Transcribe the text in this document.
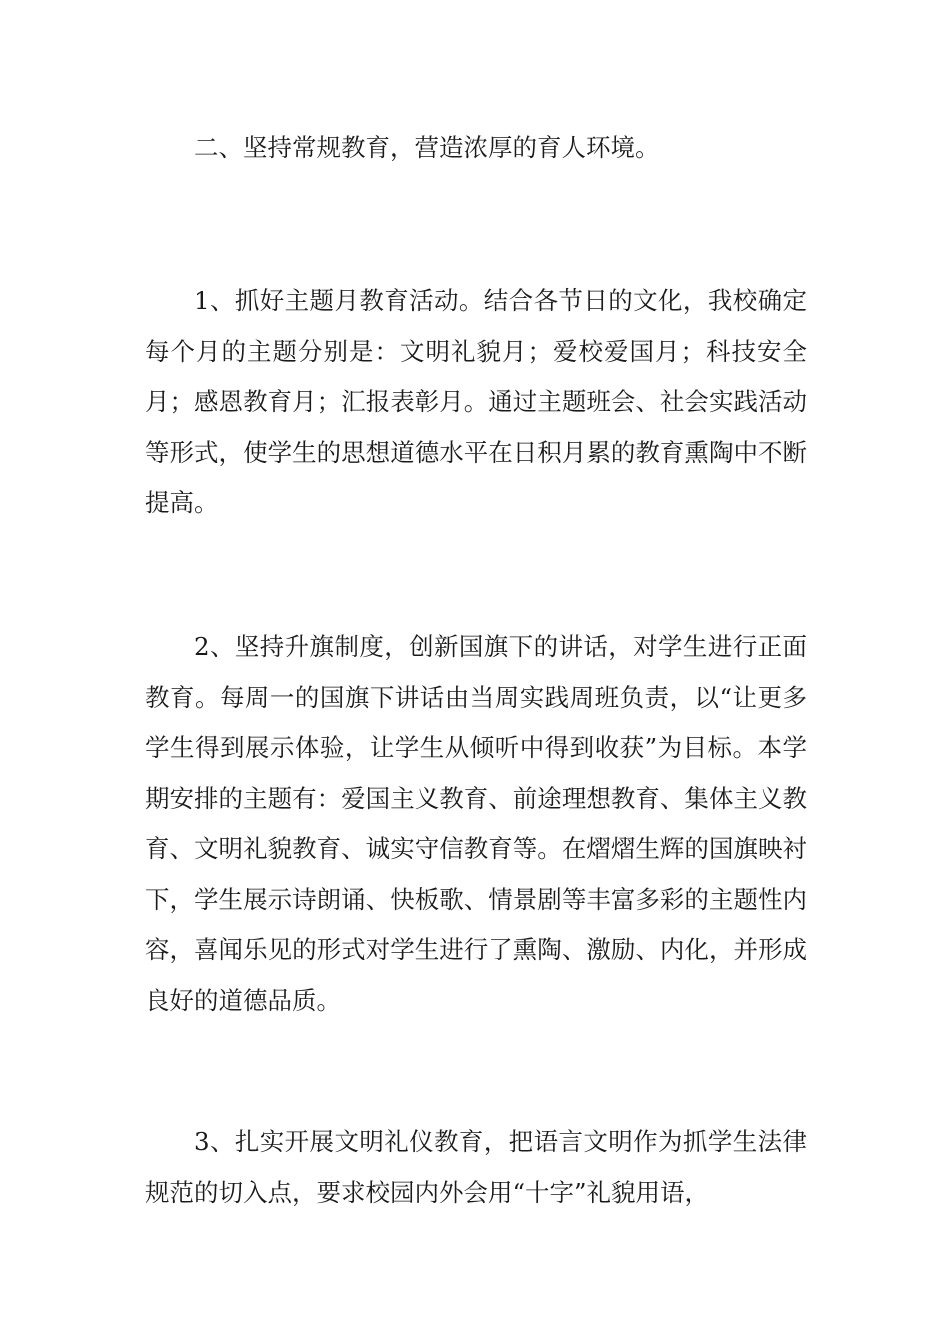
二、坚持常规教育，营造浓厚的育人环境。

1、抓好主题月教育活动。结合各节日的文化，我校确定每个月的主题分别是：文明礼貌月；爱校爱国月；科技安全月；感恩教育月；汇报表彰月。通过主题班会、社会实践活动等形式，使学生的思想道德水平在日积月累的教育熏陶中不断提高。

2、坚持升旗制度，创新国旗下的讲话，对学生进行正面教育。每周一的国旗下讲话由当周实践周班负责，以“让更多学生得到展示体验，让学生从倾听中得到收获”为目标。本学期安排的主题有：爱国主义教育、前途理想教育、集体主义教育、文明礼貌教育、诚实守信教育等。在熠熠生辉的国旗映衬下，学生展示诗朗诵、快板歌、情景剧等丰富多彩的主题性内容，喜闻乐见的形式对学生进行了熏陶、激励、内化，并形成良好的道德品质。

3、扎实开展文明礼仪教育，把语言文明作为抓学生法律规范的切入点，要求校园内外会用“十字”礼貌用语，
